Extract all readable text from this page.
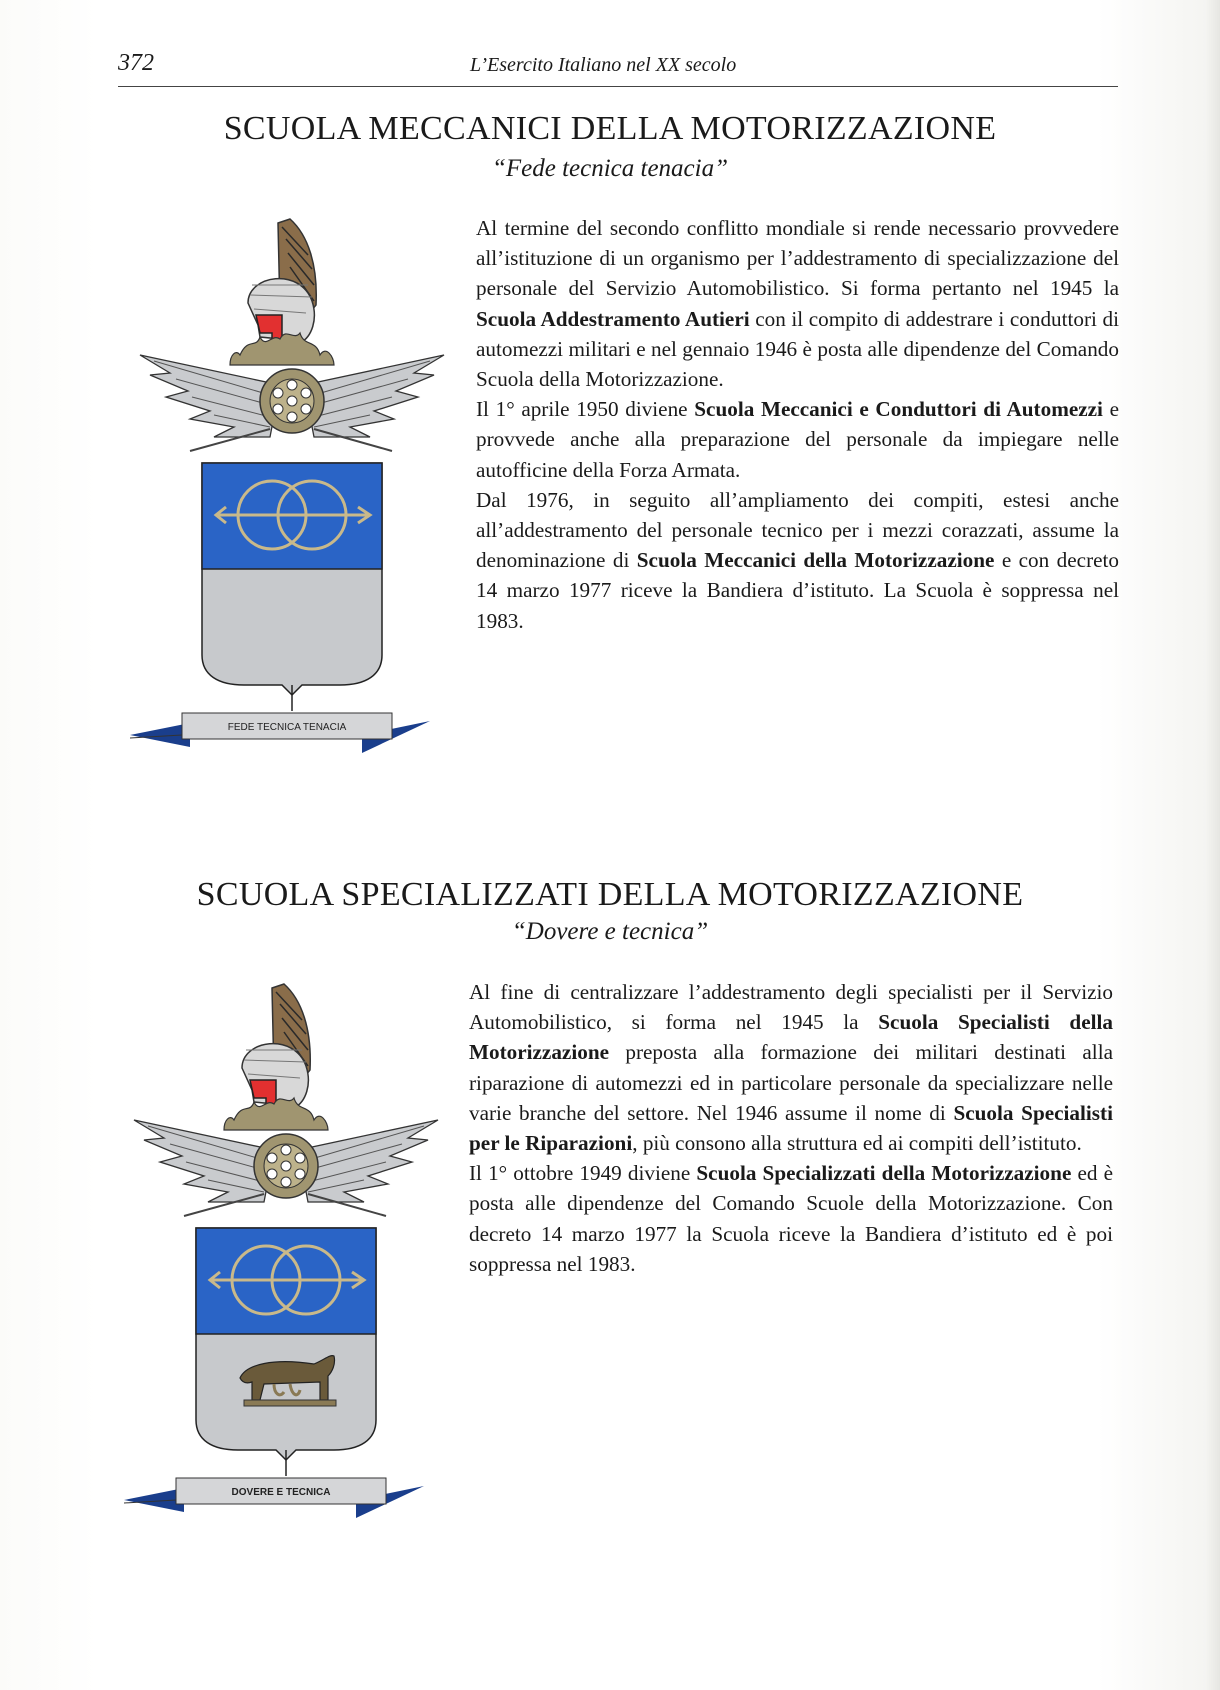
372	L’Esercito Italiano nel XX secolo
SCUOLA MECCANICI DELLA MOTORIZZAZIONE
“Fede tecnica tenacia”
FEDE TECNICA TENACIA

Al termine del secondo conflitto mondiale si rende necessario provvedere all’istituzione di un organismo per l’addestramento di specializzazione del personale del Servizio Automobilistico. Si forma pertanto nel 1945 la Scuola Addestramento Autieri con il compito di addestrare i conduttori di automezzi militari e nel gennaio 1946 è posta alle dipendenze del Comando Scuola della Motorizzazione.

Il 1° aprile 1950 diviene Scuola Meccanici e Conduttori di Automezzi e provvede anche alla preparazione del personale da impiegare nelle autofficine della Forza Armata.

Dal 1976, in seguito all’ampliamento dei compiti, estesi anche all’addestramento del personale tecnico per i mezzi corazzati, assume la denominazione di Scuola Meccanici della Motorizzazione e con decreto 14 marzo 1977 riceve la Bandiera d’istituto. La Scuola è soppressa nel 1983.

SCUOLA SPECIALIZZATI DELLA MOTORIZZAZIONE
“Dovere e tecnica”
DOVERE E TECNICA

Al fine di centralizzare l’addestramento degli specialisti per il Servizio Automobilistico, si forma nel 1945 la Scuola Specialisti della Motorizzazione preposta alla formazione dei militari destinati alla riparazione di automezzi ed in particolare personale da specializzare nelle varie branche del settore. Nel 1946 assume il nome di Scuola Specialisti per le Riparazioni, più consono alla struttura ed ai compiti dell’istituto.

Il 1° ottobre 1949 diviene Scuola Specializzati della Motorizzazione ed è posta alle dipendenze del Comando Scuole della Motorizzazione. Con decreto 14 marzo 1977 la Scuola riceve la Bandiera d’istituto ed è poi soppressa nel 1983.
